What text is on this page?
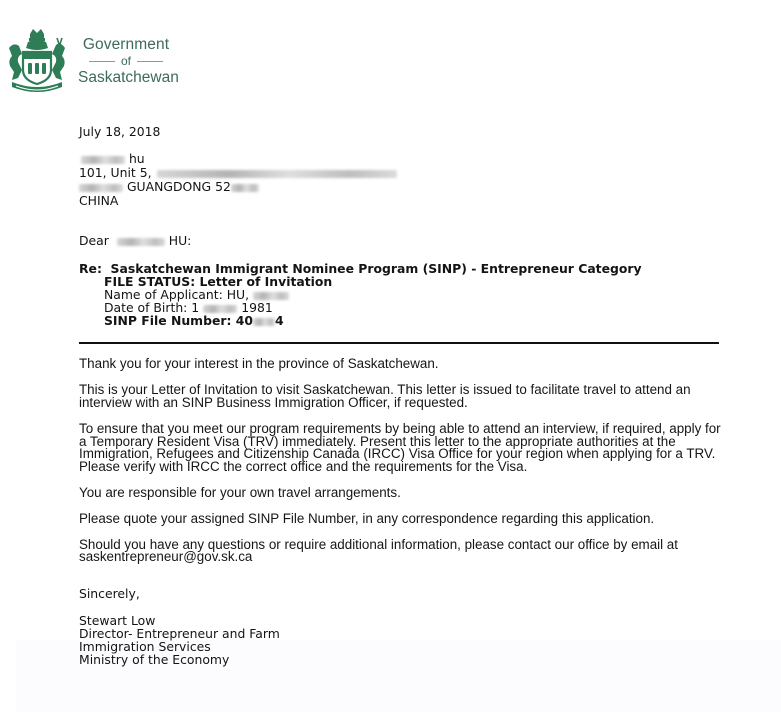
Government
of
Saskatchewan
July 18, 2018
hu
101, Unit 5,
GUANGDONG 52
CHINA
Dear	HU:
Re: Saskatchewan Immigrant Nominee Program (SINP) - Entrepreneur Category
FILE STATUS: Letter of Invitation
Name of Applicant: HU,
Date of Birth: 1	1981
SINP File Number: 40 4

Thank you for your interest in the province of Saskatchewan.

This is your Letter of Invitation to visit Saskatchewan. This letter is issued to facilitate travel to attend an interview with an SINP Business Immigration Officer, if requested.

To ensure that you meet our program requirements by being able to attend an interview, if required, apply for a Temporary Resident Visa (TRV) immediately. Present this letter to the appropriate authorities at the Immigration, Refugees and Citizenship Canada (IRCC) Visa Office for your region when applying for a TRV. Please verify with IRCC the correct office and the requirements for the Visa.

You are responsible for your own travel arrangements.

Please quote your assigned SINP File Number, in any correspondence regarding this application.

Should you have any questions or require additional information, please contact our office by email at saskentrepreneur@gov.sk.ca

Sincerely,
Stewart Low
Director- Entrepreneur and Farm
Immigration Services
Ministry of the Economy
